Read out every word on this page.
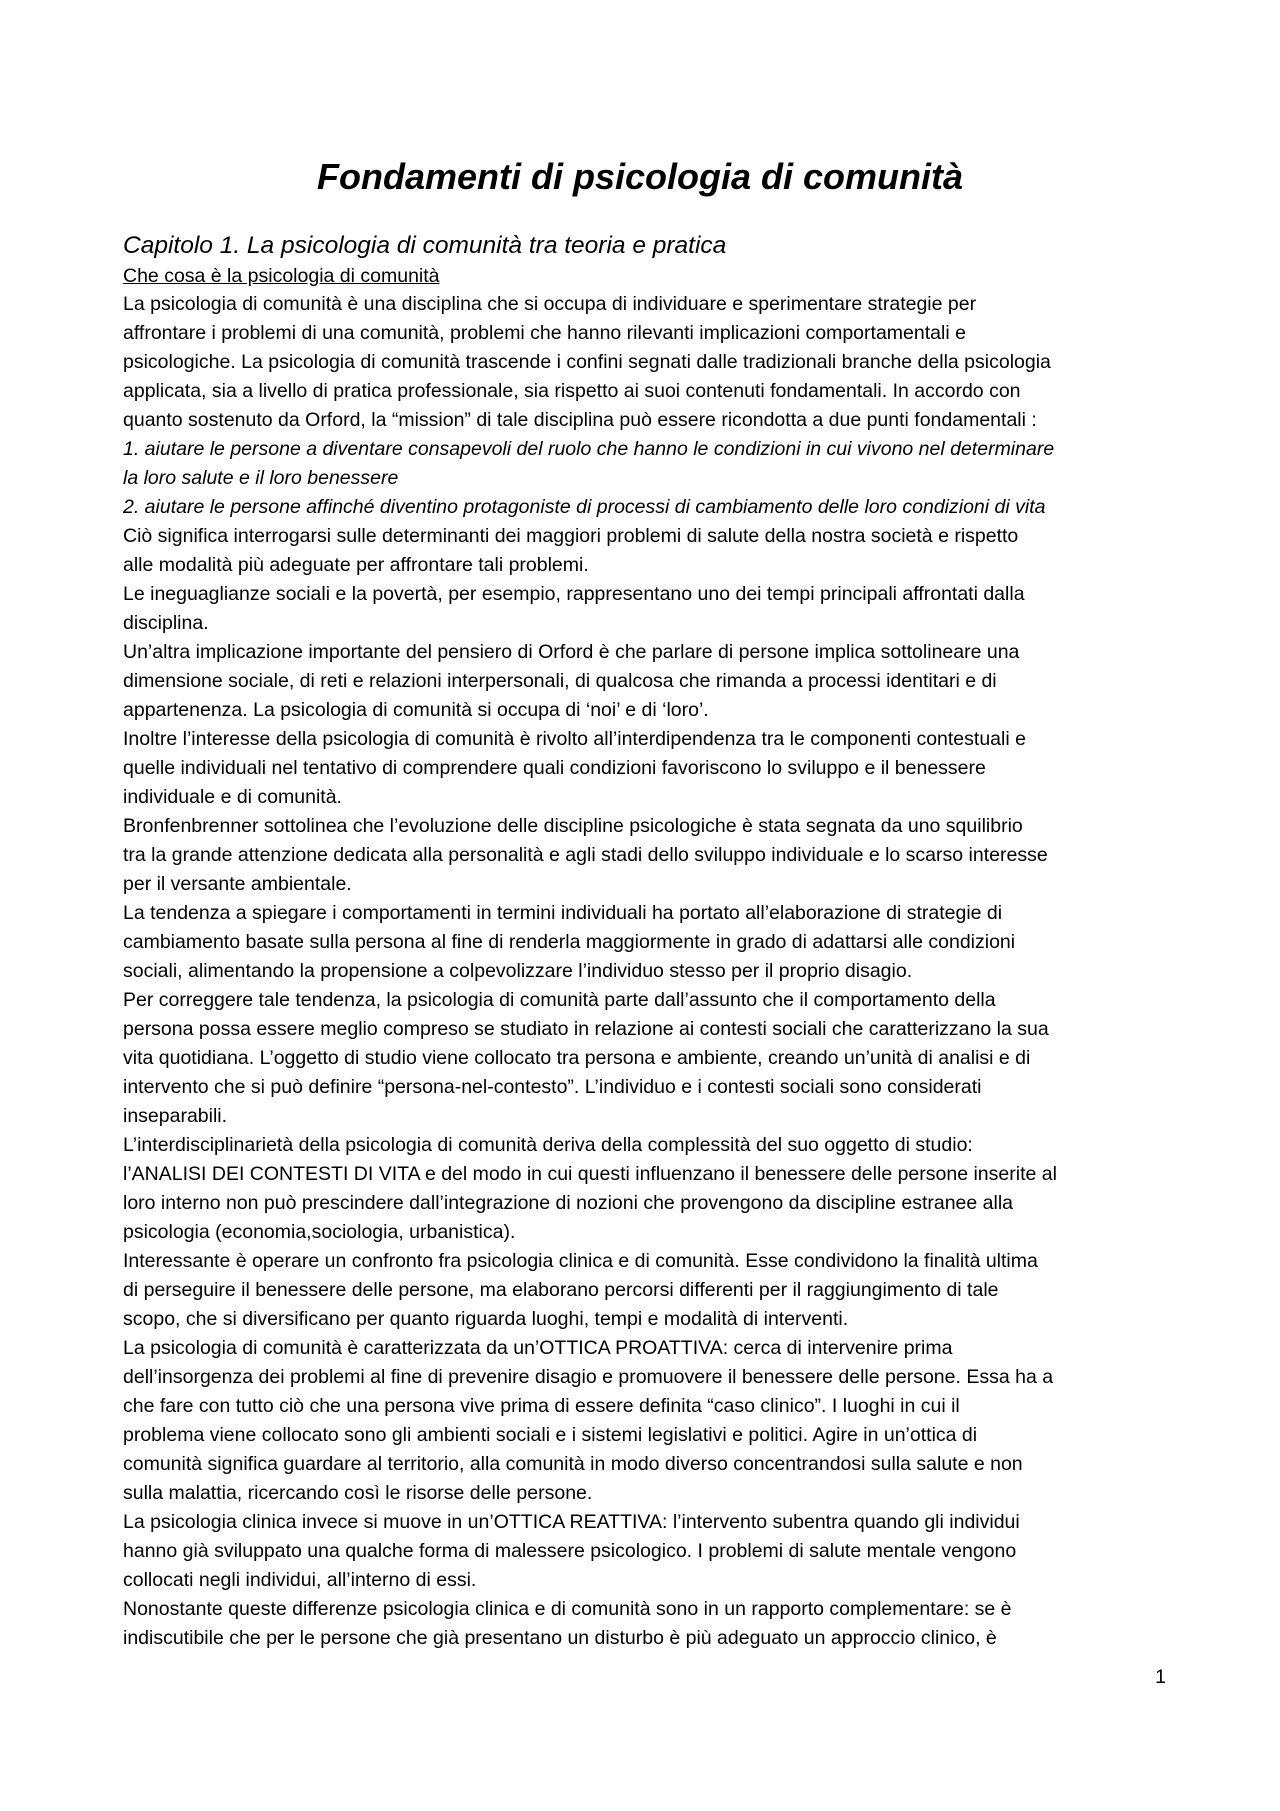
Fondamenti di psicologia di comunità

Capitolo 1. La psicologia di comunità tra teoria e pratica

Che cosa è la psicologia di comunità

La psicologia di comunità è una disciplina che si occupa di individuare e sperimentare strategie per

affrontare i problemi di una comunità, problemi che hanno rilevanti implicazioni comportamentali e

psicologiche. La psicologia di comunità trascende i confini segnati dalle tradizionali branche della psicologia

applicata, sia a livello di pratica professionale, sia rispetto ai suoi contenuti fondamentali. In accordo con

quanto sostenuto da Orford, la “mission” di tale disciplina può essere ricondotta a due punti fondamentali :

1. aiutare le persone a diventare consapevoli del ruolo che hanno le condizioni in cui vivono nel determinare

la loro salute e il loro benessere

2. aiutare le persone affinché diventino protagoniste di processi di cambiamento delle loro condizioni di vita

Ciò significa interrogarsi sulle determinanti dei maggiori problemi di salute della nostra società e rispetto

alle modalità più adeguate per affrontare tali problemi.

Le ineguaglianze sociali e la povertà, per esempio, rappresentano uno dei tempi principali affrontati dalla

disciplina.

Un’altra implicazione importante del pensiero di Orford è che parlare di persone implica sottolineare una

dimensione sociale, di reti e relazioni interpersonali, di qualcosa che rimanda a processi identitari e di

appartenenza. La psicologia di comunità si occupa di ‘noi’ e di ‘loro’.

Inoltre l’interesse della psicologia di comunità è rivolto all’interdipendenza tra le componenti contestuali e

quelle individuali nel tentativo di comprendere quali condizioni favoriscono lo sviluppo e il benessere

individuale e di comunità.

Bronfenbrenner sottolinea che l’evoluzione delle discipline psicologiche è stata segnata da uno squilibrio

tra la grande attenzione dedicata alla personalità e agli stadi dello sviluppo individuale e lo scarso interesse

per il versante ambientale.

La tendenza a spiegare i comportamenti in termini individuali ha portato all’elaborazione di strategie di

cambiamento basate sulla persona al fine di renderla maggiormente in grado di adattarsi alle condizioni

sociali, alimentando la propensione a colpevolizzare l’individuo stesso per il proprio disagio.

Per correggere tale tendenza, la psicologia di comunità parte dall’assunto che il comportamento della

persona possa essere meglio compreso se studiato in relazione ai contesti sociali che caratterizzano la sua

vita quotidiana. L’oggetto di studio viene collocato tra persona e ambiente, creando un’unità di analisi e di

intervento che si può definire “persona-nel-contesto”. L’individuo e i contesti sociali sono considerati

inseparabili.

L’interdisciplinarietà della psicologia di comunità deriva della complessità del suo oggetto di studio:

l’ANALISI DEI CONTESTI DI VITA e del modo in cui questi influenzano il benessere delle persone inserite al

loro interno non può prescindere dall’integrazione di nozioni che provengono da discipline estranee alla

psicologia (economia,sociologia, urbanistica).

Interessante è operare un confronto fra psicologia clinica e di comunità. Esse condividono la finalità ultima

di perseguire il benessere delle persone, ma elaborano percorsi differenti per il raggiungimento di tale

scopo, che si diversificano per quanto riguarda luoghi, tempi e modalità di interventi.

La psicologia di comunità è caratterizzata da un’OTTICA PROATTIVA: cerca di intervenire prima

dell’insorgenza dei problemi al fine di prevenire disagio e promuovere il benessere delle persone. Essa ha a

che fare con tutto ciò che una persona vive prima di essere definita “caso clinico”. I luoghi in cui il

problema viene collocato sono gli ambienti sociali e i sistemi legislativi e politici. Agire in un’ottica di

comunità significa guardare al territorio, alla comunità in modo diverso concentrandosi sulla salute e non

sulla malattia, ricercando così le risorse delle persone.

La psicologia clinica invece si muove in un’OTTICA REATTIVA: l’intervento subentra quando gli individui

hanno già sviluppato una qualche forma di malessere psicologico. I problemi di salute mentale vengono

collocati negli individui, all’interno di essi.

Nonostante queste differenze psicologia clinica e di comunità sono in un rapporto complementare: se è

indiscutibile che per le persone che già presentano un disturbo è più adeguato un approccio clinico, è

1
